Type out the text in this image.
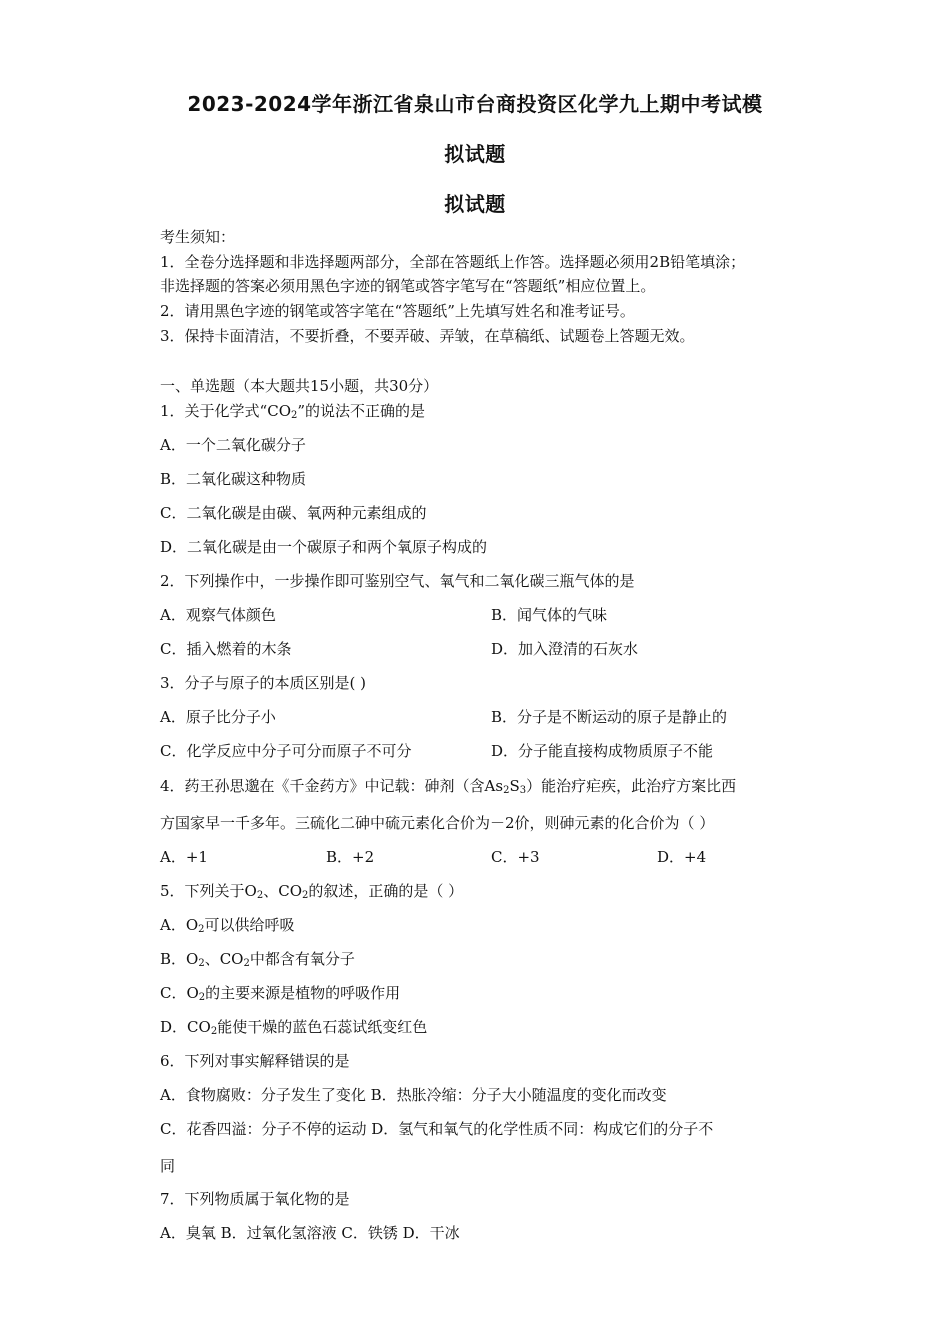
2023-2024学年浙江省泉山市台商投资区化学九上期中考试模
拟试题
拟试题
考生须知：
1．全卷分选择题和非选择题两部分，全部在答题纸上作答。选择题必须用2B铅笔填涂；
非选择题的答案必须用黑色字迹的钢笔或答字笔写在“答题纸”相应位置上。
2．请用黑色字迹的钢笔或答字笔在“答题纸”上先填写姓名和准考证号。
3．保持卡面清洁，不要折叠，不要弄破、弄皱，在草稿纸、试题卷上答题无效。
一、单选题（本大题共15小题，共30分）
1．关于化学式“$CO_2$”的说法不正确的是
A．一个二氧化碳分子
B．二氧化碳这种物质
C．二氧化碳是由碳、氧两种元素组成的
D．二氧化碳是由一个碳原子和两个氧原子构成的
2．下列操作中，一步操作即可鉴别空气、氧气和二氧化碳三瓶气体的是
A．观察气体颜色	B．闻气体的气味
C．插入燃着的木条	D．加入澄清的石灰水
3．分子与原子的本质区别是( )
A．原子比分子小	B．分子是不断运动的原子是静止的
C．化学反应中分子可分而原子不可分	D．分子能直接构成物质原子不能
4．药王孙思邈在《千金药方》中记载：砷剂（含$As_2S_3$）能治疗疟疾，此治疗方案比西
方国家早一千多年。三硫化二砷中硫元素化合价为－2价，则砷元素的化合价为（ ）
A．+1	B．+2	C．+3	D．+4
5．下列关于$O_2$、$CO_2$的叙述，正确的是（ ）
A．$O_2$可以供给呼吸
B．$O_2$、$CO_2$中都含有氧分子
C．$O_2$的主要来源是植物的呼吸作用
D．$CO_2$能使干燥的蓝色石蕊试纸变红色
6．下列对事实解释错误的是
A．食物腐败：分子发生了变化 B．热胀冷缩：分子大小随温度的变化而改变
C．花香四溢：分子不停的运动 D．氢气和氧气的化学性质不同：构成它们的分子不
同
7．下列物质属于氧化物的是
A．臭氧 B．过氧化氢溶液 C．铁锈 D．干冰
